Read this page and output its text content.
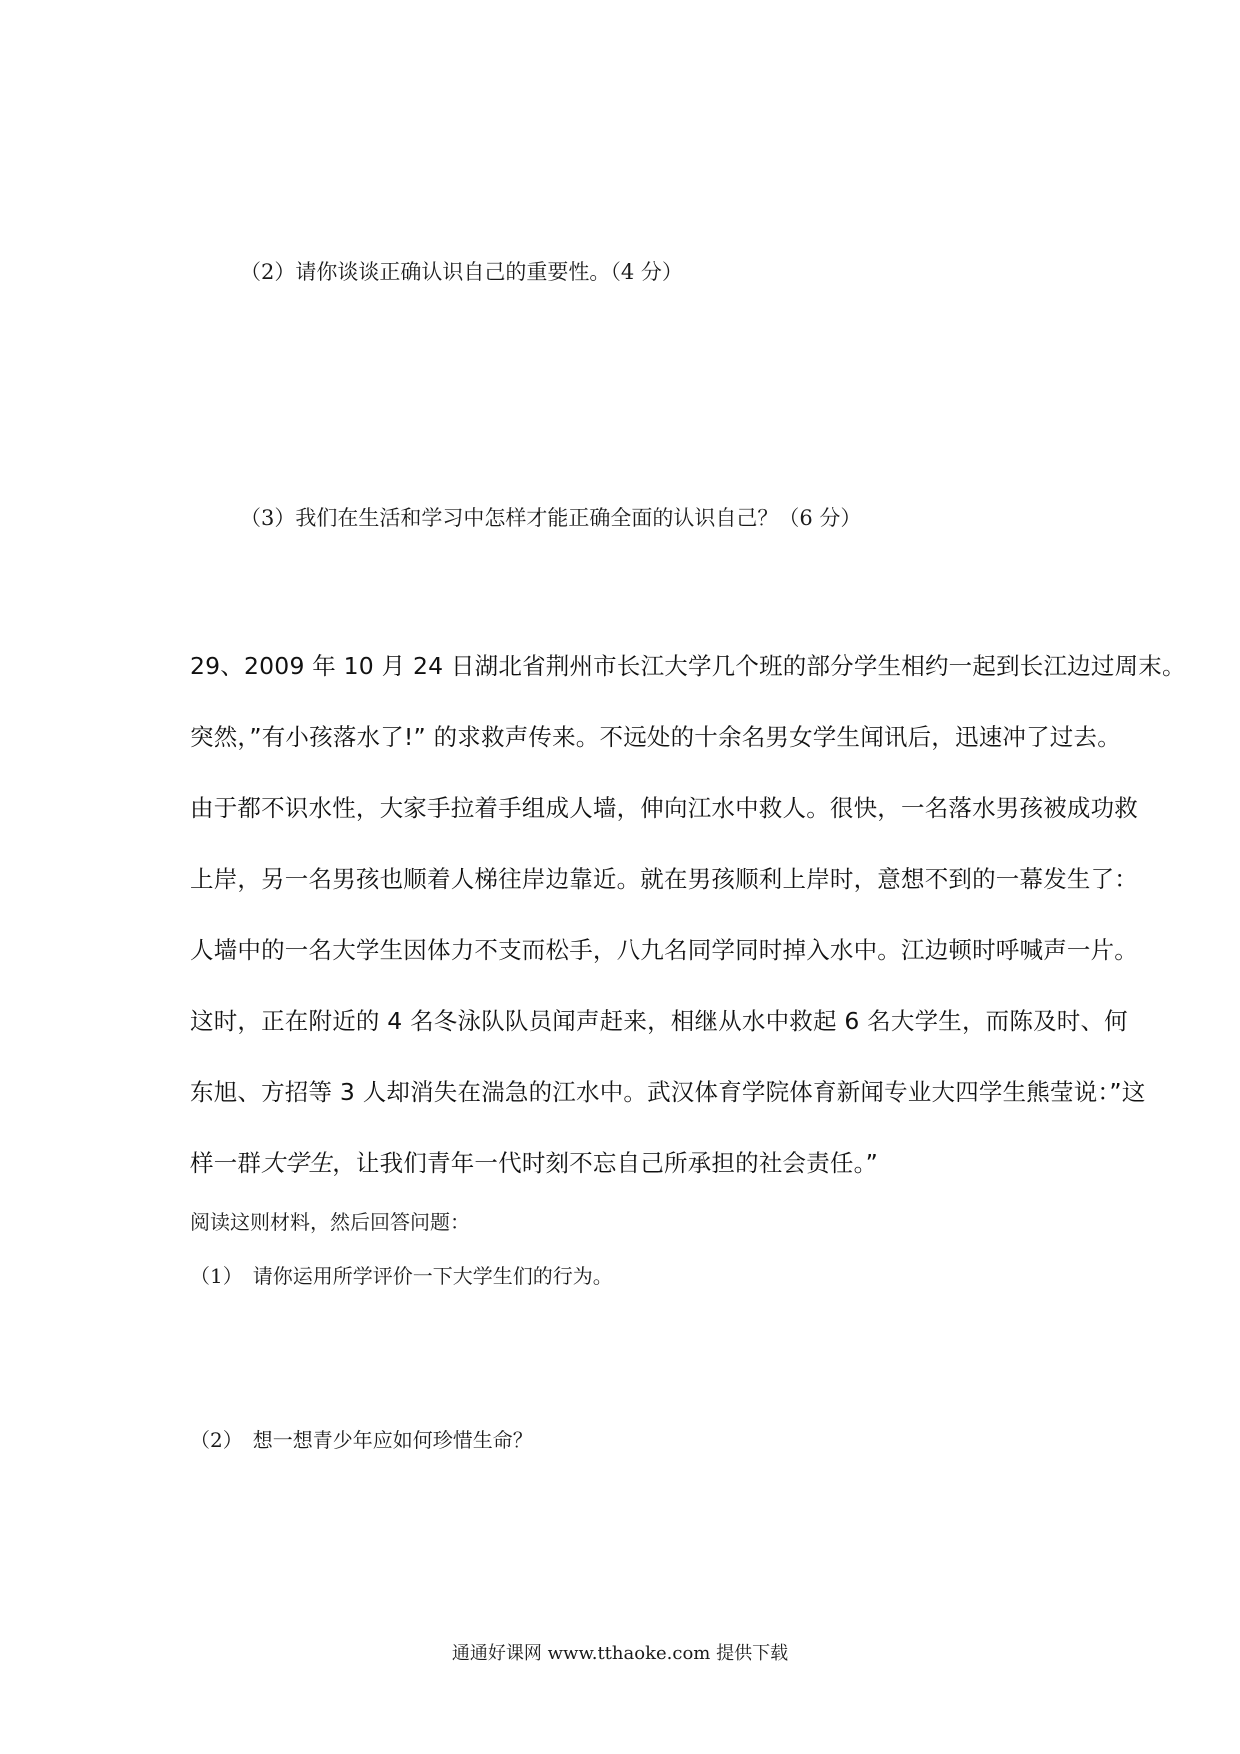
（2）请你谈谈正确认识自己的重要性。（4 分）
（3）我们在生活和学习中怎样才能正确全面的认识自己？（6 分）
29、2009 年 10 月 24 日湖北省荆州市长江大学几个班的部分学生相约一起到长江边过周末。
突然，”有小孩落水了!” 的求救声传来。不远处的十余名男女学生闻讯后，迅速冲了过去。
由于都不识水性，大家手拉着手组成人墙，伸向江水中救人。很快，一名落水男孩被成功救
上岸，另一名男孩也顺着人梯往岸边靠近。就在男孩顺利上岸时，意想不到的一幕发生了：
人墙中的一名大学生因体力不支而松手，八九名同学同时掉入水中。江边顿时呼喊声一片。
这时，正在附近的 4 名冬泳队队员闻声赶来，相继从水中救起 6 名大学生，而陈及时、何
东旭、方招等 3 人却消失在湍急的江水中。武汉体育学院体育新闻专业大四学生熊莹说：”这
样一群大学生，让我们青年一代时刻不忘自己所承担的社会责任。”
阅读这则材料，然后回答问题：
（1）　请你运用所学评价一下大学生们的行为。
（2）　想一想青少年应如何珍惜生命？
通通好课网 www.tthaoke.com 提供下载
